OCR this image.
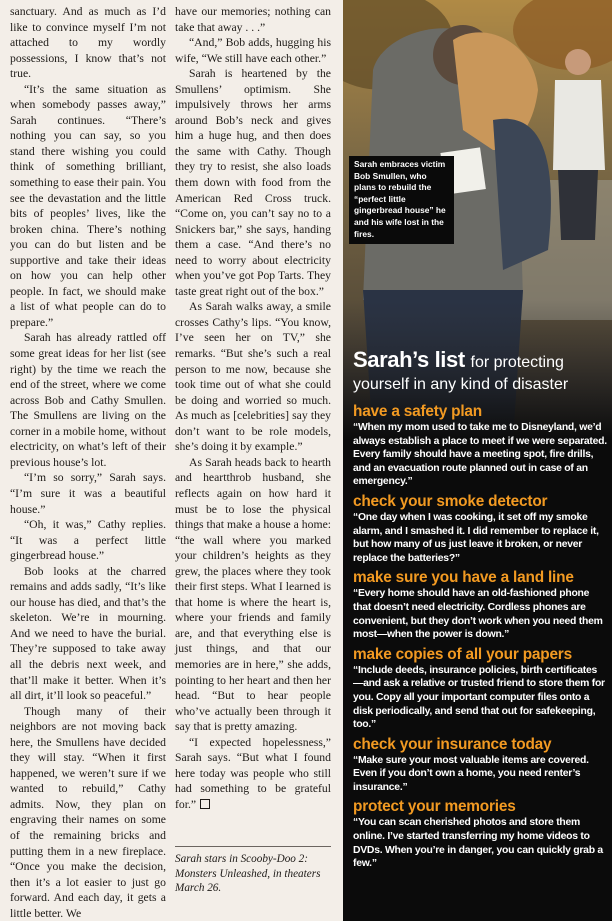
sanctuary. And as much as I’d like to convince myself I’m not attached to my wordly possessions, I know that’s not true.

“It’s the same situation as when somebody passes away,” Sarah continues. “There’s nothing you can say, so you stand there wishing you could think of something brilliant, something to ease their pain. You see the devastation and the little bits of peoples’ lives, like the broken china. There’s nothing you can do but listen and be supportive and take their ideas on how you can help other people. In fact, we should make a list of what people can do to prepare.”

Sarah has already rattled off some great ideas for her list (see right) by the time we reach the end of the street, where we come across Bob and Cathy Smullen. The Smullens are living on the corner in a mobile home, without electricity, on what’s left of their previous house’s lot.

“I’m so sorry,” Sarah says. “I’m sure it was a beautiful house.”

“Oh, it was,” Cathy replies. “It was a perfect little gingerbread house.”

Bob looks at the charred remains and adds sadly, “It’s like our house has died, and that’s the skeleton. We’re in mourning. And we need to have the burial. They’re supposed to take away all the debris next week, and that’ll make it better. When it’s all dirt, it’ll look so peaceful.”

Though many of their neighbors are not moving back here, the Smullens have decided they will stay. “When it first happened, we weren’t sure if we wanted to rebuild,” Cathy admits. Now, they plan on engraving their names on some of the remaining bricks and putting them in a new fireplace. “Once you make the decision, then it’s a lot easier to just go forward. And each day, it gets a little better. We

have our memories; nothing can take that away . . .”

“And,” Bob adds, hugging his wife, “We still have each other.”

Sarah is heartened by the Smullens’ optimism. She impulsively throws her arms around Bob’s neck and gives him a huge hug, and then does the same with Cathy. Though they try to resist, she also loads them down with food from the American Red Cross truck. “Come on, you can’t say no to a Snickers bar,” she says, handing them a case. “And there’s no need to worry about electricity when you’ve got Pop Tarts. They taste great right out of the box.”

As Sarah walks away, a smile crosses Cathy’s lips. “You know, I’ve seen her on TV,” she remarks. “But she’s such a real person to me now, because she took time out of what she could be doing and worried so much. As much as [celebrities] say they don’t want to be role models, she’s doing it by example.”

As Sarah heads back to hearth and heartthrob husband, she reflects again on how hard it must be to lose the physical things that make a house a home: “the wall where you marked your children’s heights as they grew, the places where they took their first steps. What I learned is that home is where the heart is, where your friends and family are, and that everything else is just things, and that our memories are in here,” she adds, pointing to her heart and then her head. “But to hear people who’ve actually been through it say that is pretty amazing.

“I expected hopelessness,” Sarah says. “But what I found here today was people who still had something to be grateful for.”

Sarah stars in Scooby-Doo 2: Monsters Unleashed, in theaters March 26.
Sarah embraces victim Bob Smullen, who plans to rebuild the “perfect little gingerbread house” he and his wife lost in the fires.
Sarah’s list for protecting
yourself in any kind of disaster
have a safety plan

“When my mom used to take me to Disneyland, we’d always establish a place to meet if we were separated. Every family should have a meeting spot, fire drills, and an evacuation route planned out in case of an emergency.”

check your smoke detector

“One day when I was cooking, it set off my smoke alarm, and I smashed it. I did remember to replace it, but how many of us just leave it broken, or never replace the batteries?”

make sure you have a land line

“Every home should have an old-fashioned phone that doesn’t need electricity. Cordless phones are convenient, but they don’t work when you need them most—when the power is down.”

make copies of all your papers

“Include deeds, insurance policies, birth certificates—and ask a relative or trusted friend to store them for you. Copy all your important computer files onto a disk periodically, and send that out for safekeeping, too.”

check your insurance today

“Make sure your most valuable items are covered. Even if you don’t own a home, you need renter’s insurance.”

protect your memories

“You can scan cherished photos and store them online. I’ve started transferring my home videos to DVDs. When you’re in danger, you can quickly grab a few.”
